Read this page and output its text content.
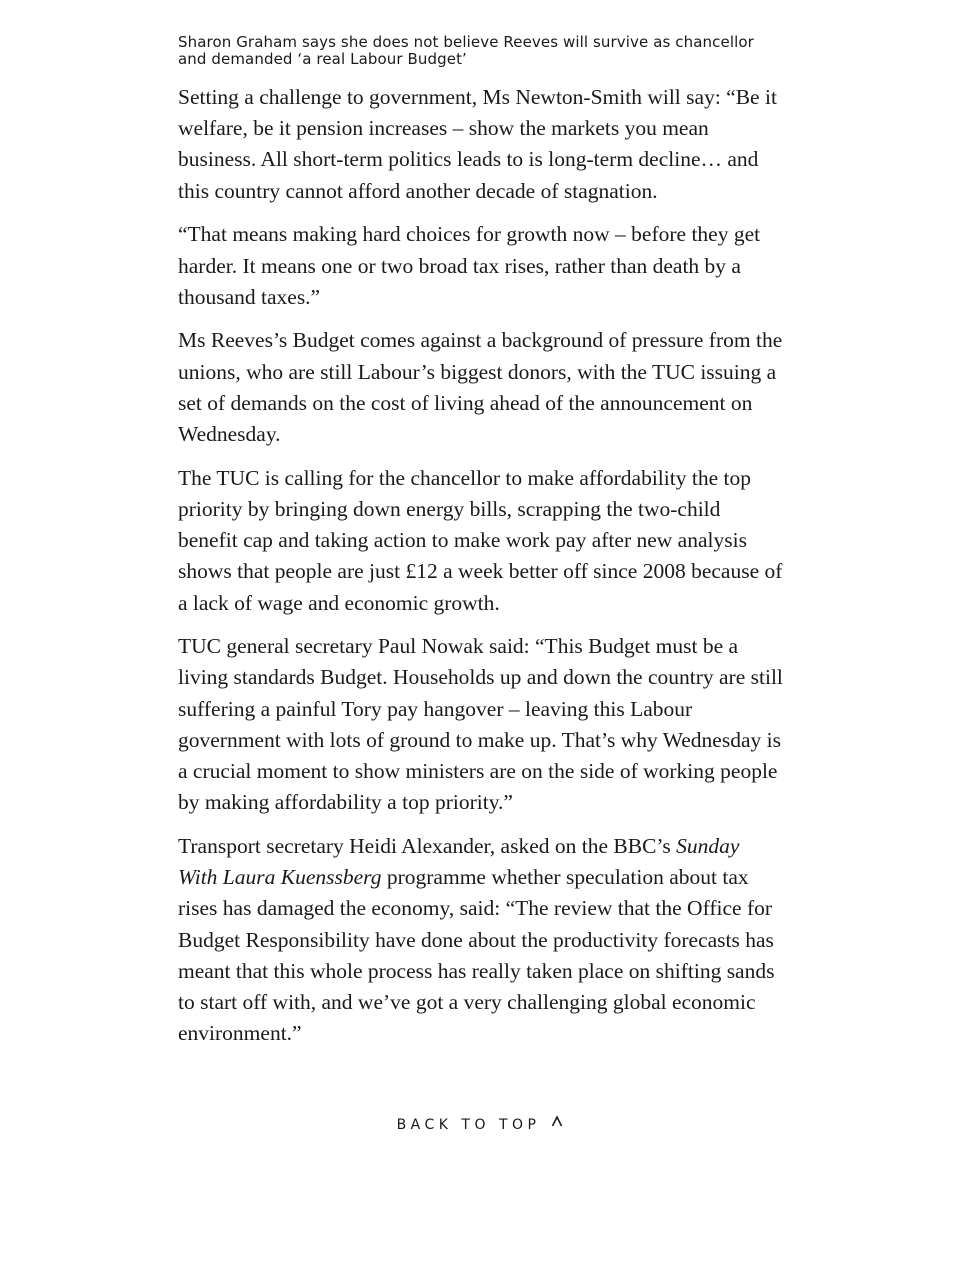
Sharon Graham says she does not believe Reeves will survive as chancellor and demanded ‘a real Labour Budget’

Setting a challenge to government, Ms Newton-Smith will say: “Be it welfare, be it pension increases – show the markets you mean business. All short-term politics leads to is long-term decline… and this country cannot afford another decade of stagnation.

“That means making hard choices for growth now – before they get harder. It means one or two broad tax rises, rather than death by a thousand taxes.”

Ms Reeves’s Budget comes against a background of pressure from the unions, who are still Labour’s biggest donors, with the TUC issuing a set of demands on the cost of living ahead of the announcement on Wednesday.

The TUC is calling for the chancellor to make affordability the top priority by bringing down energy bills, scrapping the two-child benefit cap and taking action to make work pay after new analysis shows that people are just £12 a week better off since 2008 because of a lack of wage and economic growth.

TUC general secretary Paul Nowak said: “This Budget must be a living standards Budget. Households up and down the country are still suffering a painful Tory pay hangover – leaving this Labour government with lots of ground to make up. That’s why Wednesday is a crucial moment to show ministers are on the side of working people by making affordability a top priority.”

Transport secretary Heidi Alexander, asked on the BBC’s Sunday With Laura Kuenssberg programme whether speculation about tax rises has damaged the economy, said: “The review that the Office for Budget Responsibility have done about the productivity forecasts has meant that this whole process has really taken place on shifting sands to start off with, and we’ve got a very challenging global economic environment.”

BACK TO TOP
